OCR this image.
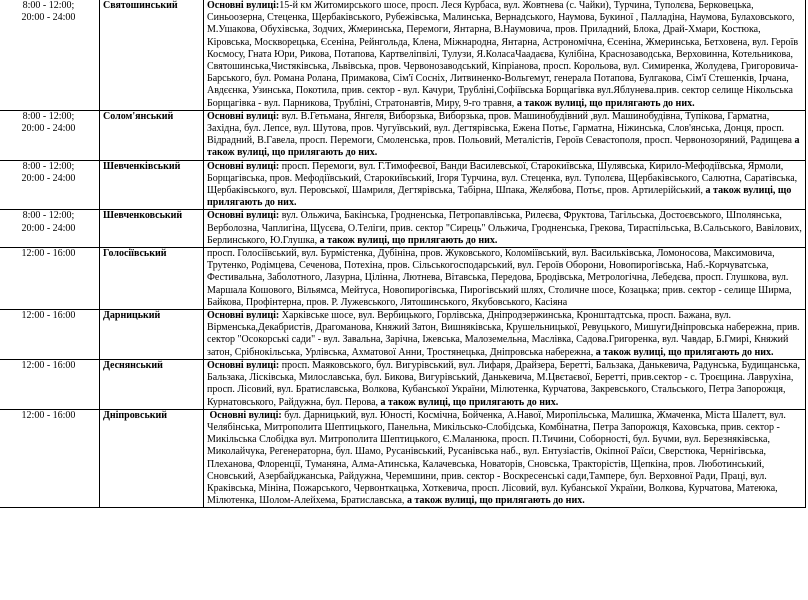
8:00 - 12:00;
20:00 - 24:00	Святошинський	Основні вулиці:15-й км Житомирського шосе, просп. Леся Курбаса, вул. Жовтнева (с. Чайки), Турчина, Туполєва, Берковецька, Синьоозерна, Стеценка, Щербаківського, Рубежівська, Малинська, Вернадського, Наумова, Букиної , Палладіна, Наумова, Булаховського, М.Ушакова, Обухівська, Зодчих, Жмеринська, Перемоги, Янтарна, В.Наумовича, пров. Приладний, Блока, Драй-Хмари, Костюка, Кіровська, Москворецька, Єсеніна, Рейнгольда, Клена, Міжнародна, Янтарна, Астрономічна, Єсеніна, Жмеринська, Бетховена, вул. Героїв Космосу, Гната Юри, Рикова, Потапова, Картвеліпвілі, Тулузи, Я.КоласаЧаадаєва, Кулібіна, Краснозаводська, Верховинна, Котельникова, Святошинська,Чистяківська, Львівська, пров. Червонозаводський, Кіпріанова, просп. Корольова, вул. Симиренка, Жолудева, Григоровича-Барського, бул. Романа Ролана, Примакова, Сім'ї Сосніх, Литвиненко-Вольгемут, генерала Потапова, Булгакова, Сім'ї Стешенків, Ірчана, Авдєєнка, Узинська, Покотила, прив. сектор - вул. Качури, Трубліні,Софіївська Борщагівка вул.Яблунева.прив. сектор селище Нікольська Борщагівка - вул. Парникова, Трубліні, Стратонавтів, Миру, 9-го травня, а також вулиці, що прилягають до них.

8:00 - 12:00;
20:00 - 24:00	Солом'янський	Основні вулиці: вул. В.Гетьмана, Янгеля, Виборзька, Виборзька, пров. Машинобудівний ,вул. Машинобудівна, Тупікова, Гарматна, Західна, бул. Лепсе, вул. Шутова, пров. Чугуївський, вул. Дегтярівська, Ежена Потьє, Гарматна, Ніжинська, Слов'янська, Донця, просп. Відрадний, В.Гавела, просп. Перемоги, Смоленська, пров. Польовий, Металістів, Героїв Севастополя, просп. Червонозоряний, Радищева а також вулиці, що прилягають до них.

8:00 - 12:00;
20:00 - 24:00	Шевченківський	Основні вулиці: просп. Перемоги, вул. Г.Тимофеєвої, Ванди Василевської, Старокиївська, Шулявська, Кирило-Мефодіївська, Ярмоли, Борщагівська, пров. Мефодіївський, Старокиївський, Ігоря Турчина, вул. Стеценка, вул. Туполєва, Щербаківського, Салютна, Саратівська, Щербаківського, вул. Перовської, Шамриля, Дегтярівська, Табірна, Шпака, Желябова, Потьє, пров. Артилерійський, а також вулиці, що прилягають до них.

8:00 - 12:00;
20:00 - 24:00	Шевченковський	Основні вулиці: вул. Ольжича, Бакінська, Гродненська, Петропавлівська, Рилеєва, Фруктова, Тагільська, Достоєвського, Шполянська, Верболозна, Чаплигіна, Щусєва, О.Теліги, прив. сектор "Сирець" Ольжича, Гродненська, Грекова, Тираспільська, В.Сальського, Вавілових, Берлинського, Ю.Глушка, а також вулиці, що прилягають до них.

12:00 - 16:00	Голосіївський	просп. Голосіївський, вул. Бурмістенка, Дубініна, пров. Жуковського, Коломіївський, вул. Васильківська, Ломоносова, Максимовича, Трутенко, Родімцева, Сеченова, Потехіна, пров. Сільськогосподарський, вул. Героїв Оборони, Новопирогівська, Наб.-Корчуватська, Фестивальна, Заболотного, Лазурна, Цілінна, Лютнева, Вітавська, Передова, Бродівська, Метрологічна, Лебедєва, просп. Глушкова, вул. Маршала Кошового, Вільямса, Мейтуса, Новопирогівська, Пирогівський шлях, Столичне шосе, Козацька; прив. сектор - селище Ширма, Байкова, Профінтерна, пров. Р. Лужевського, Лятошинського, Якубовського, Касіяна

12:00 - 16:00	Дарницький	Основні вулиці: Харківське шосе, вул. Вербицького, Горлівська, Дніпродзержинська, Кронштадтська, просп. Бажана, вул. Вірменська,Декабристів, Драгоманова, Княжий Затон, Вишняківська, Крушельницької, Ревуцького, МишугиДніпровська набережна, прив. сектор "Осокорські сади" - вул. Завальна, Зарічна, Іжевська, Малоземельна, Маслівка, Садова.Григоренка, вул. Чавдар, Б.Гмирі, Княжий затон, Срібнокільська, Урлівська, Ахматової Анни, Тростянецька, Дніпровська набережна, а також вулиці, що прилягають до них.

12:00 - 16:00	Деснянський	Основні вулиці: просп. Маяковського, бул. Вигурівський, вул. Лифаря, Драйзера, Беретті, Бальзака, Данькевича, Радунська, Будищанська, Бальзака, Лісківська, Милославська, бул. Бикова, Вигурівський, Данькевича, М.Цвєтаєвої, Беретті, прив.сектор - с. Троєщина. Лаврухіна, просп. Лісовий, вул. Братиславська, Волкова, Кубанської України, Мілютенка, Курчатова, Закревського, Стальського, Петра Запорожця, Курнатовського, Райдужна, бул. Перова, а також вулиці, що прилягають до них.

12:00 - 16:00	Дніпровський	Основні вулиці: бул. Дарницький, вул. Юності, Космічна, Бойченка, А.Навої, Миропільська, Малишка, Жмаченка, Міста Шалетт, вул. Челябінська, Митрополита Шептицького, Панельна, Микільсько-Слобідська, Комбінатна, Петра Запорожця, Каховська, прив. сектор - Микільська Слобідка вул. Митрополита Шептицького, Є.Маланюка, просп. П.Тичини, Соборності, бул. Бучми, вул. Березняківська, Миколайчука, Регенераторна, бул. Шамо, Русанівський, Русанівська наб., вул. Ентузіастів, Окіпної Раїси, Сверстюка, Чернігівська, Плеханова, Флоренції, Туманяна, Алма-Атинська, Калачевська, Новаторів, Сновська, Тракторістів, Щепкіна, пров. Люботинський, Сновський, Азербайджанська, Райдужна, Черемшини, прив. сектор - Вoскресенські сади,Тампере, бул. Верховної Ради, Праці, вул. Краківська, Мініна, Пожарського, Червонткацька, Хоткевича, просп. Лісовий, вул. Кубанської України, Волкова, Курчатова, Матеюка, Мілютенка, Шолом-Алейхема, Братиславська, а також вулиці, що прилягають до них.
